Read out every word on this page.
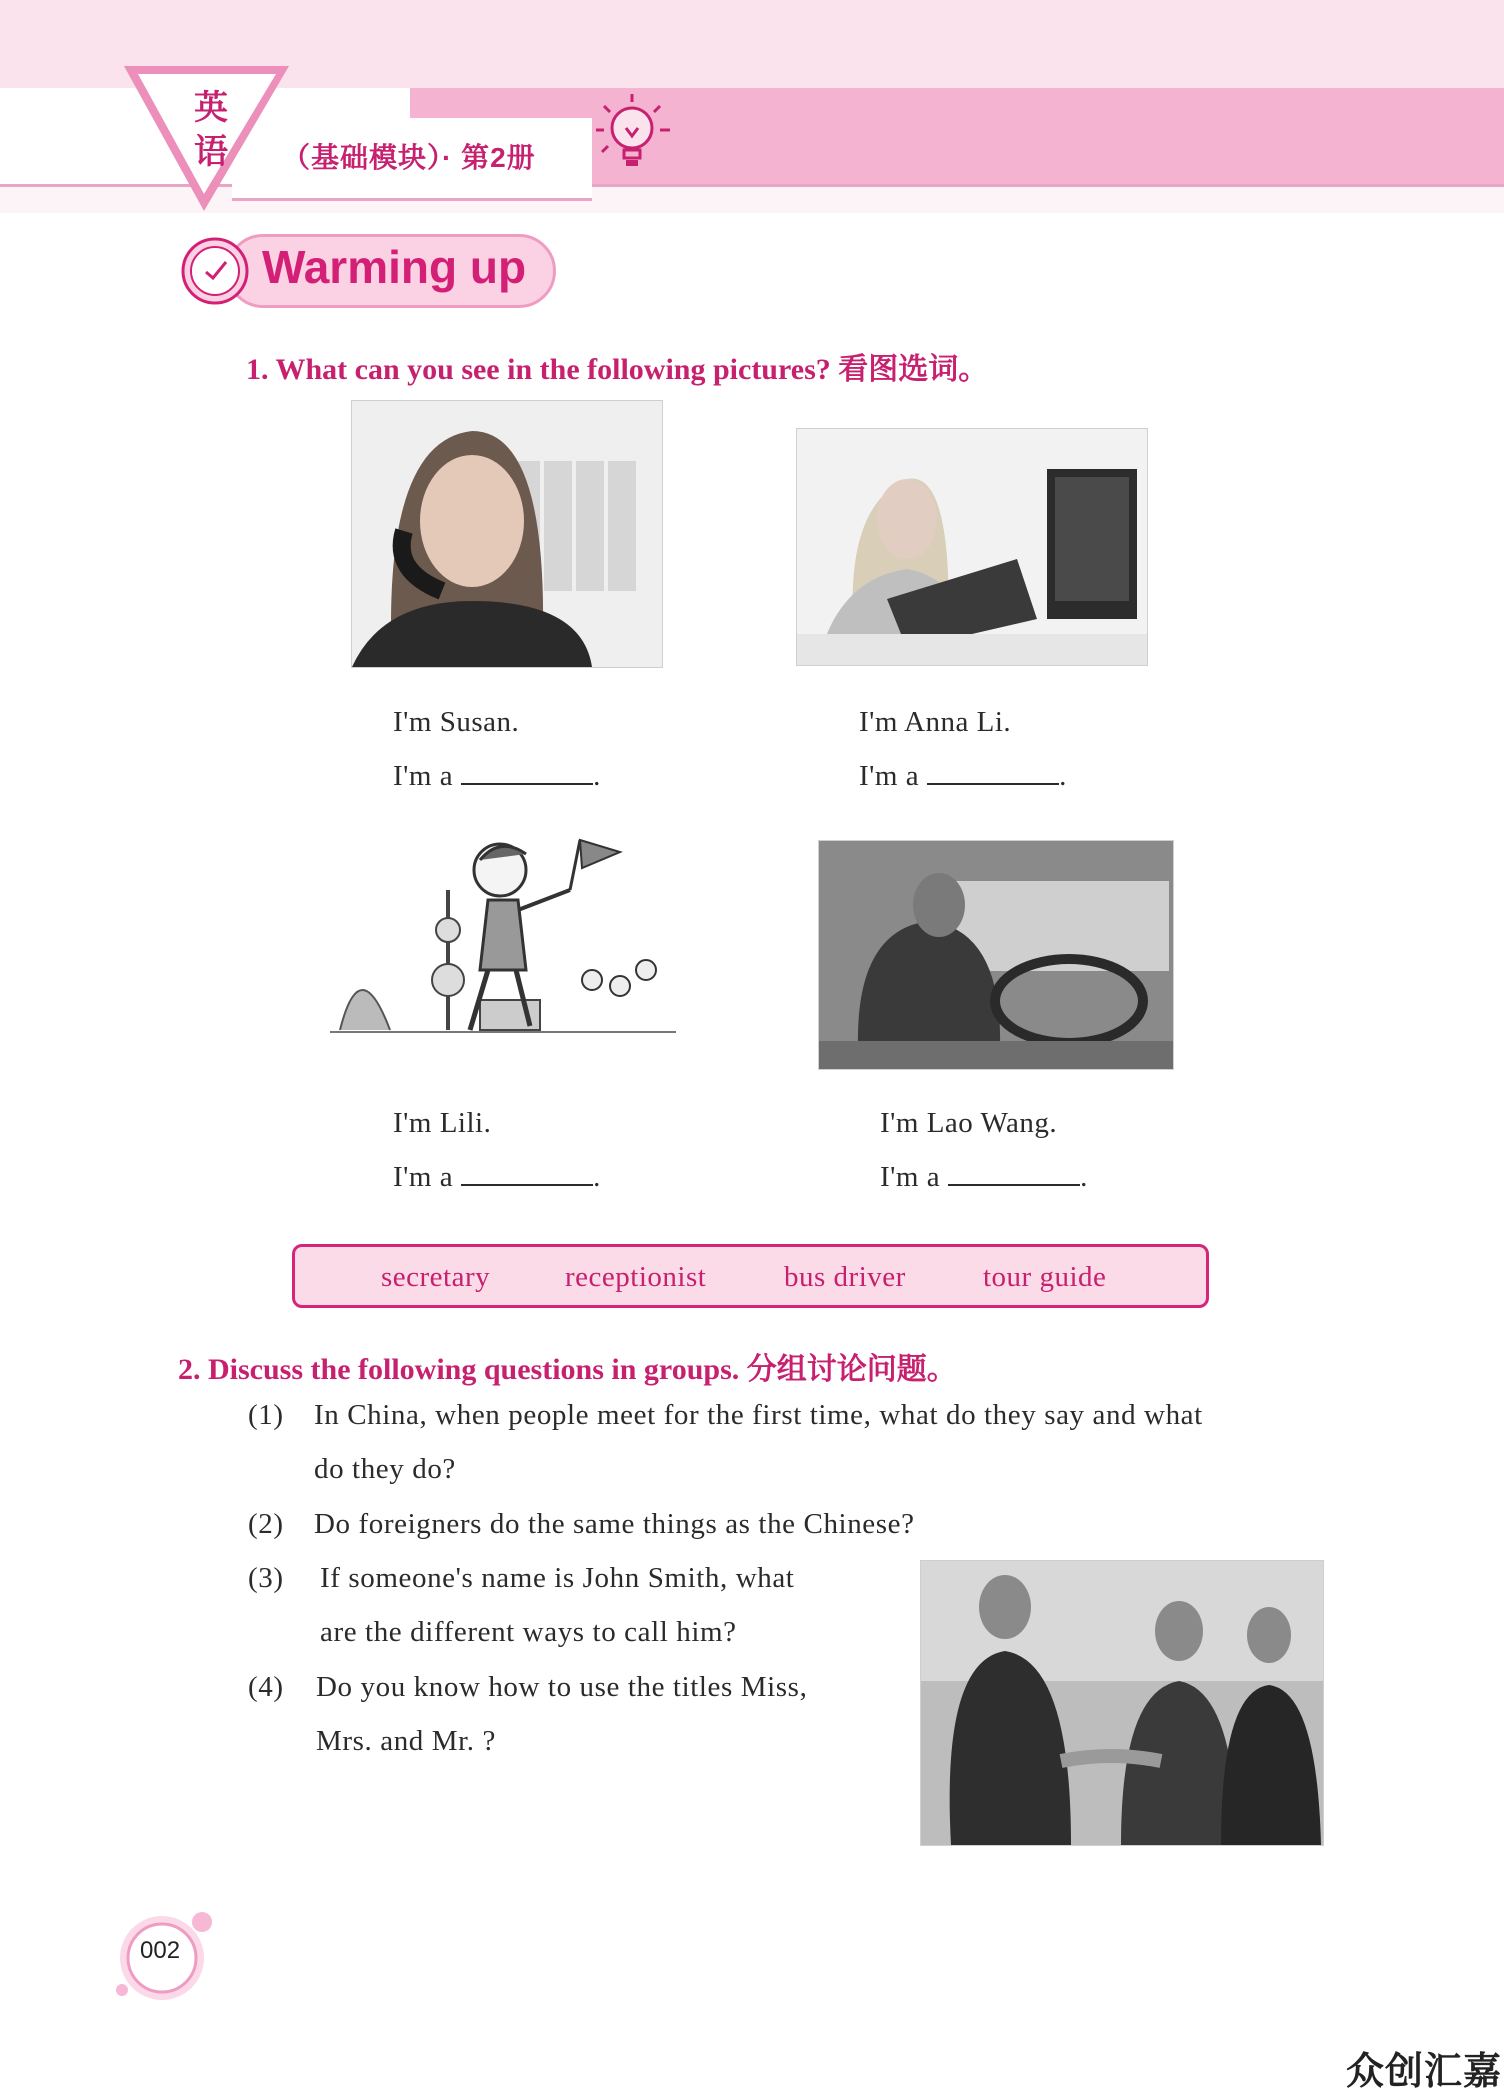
英
语 （基础模块）· 第2册
Warming up
1. What can you see in the following pictures? 看图选词。
I'm Susan.
I'm a	.
I'm Anna Li.
I'm a	.
I'm Lili.
I'm a	.
I'm Lao Wang.
I'm a	.
secretary	receptionist	bus driver	tour guide
2. Discuss the following questions in groups. 分组讨论问题。
(1) In China, when people meet for the first time, what do they say and what
do they do?
(2) Do foreigners do the same things as the Chinese?
(3) If someone's name is John Smith, what
are the different ways to call him?
(4) Do you know how to use the titles Miss,
Mrs. and Mr. ?
002
众创汇嘉
